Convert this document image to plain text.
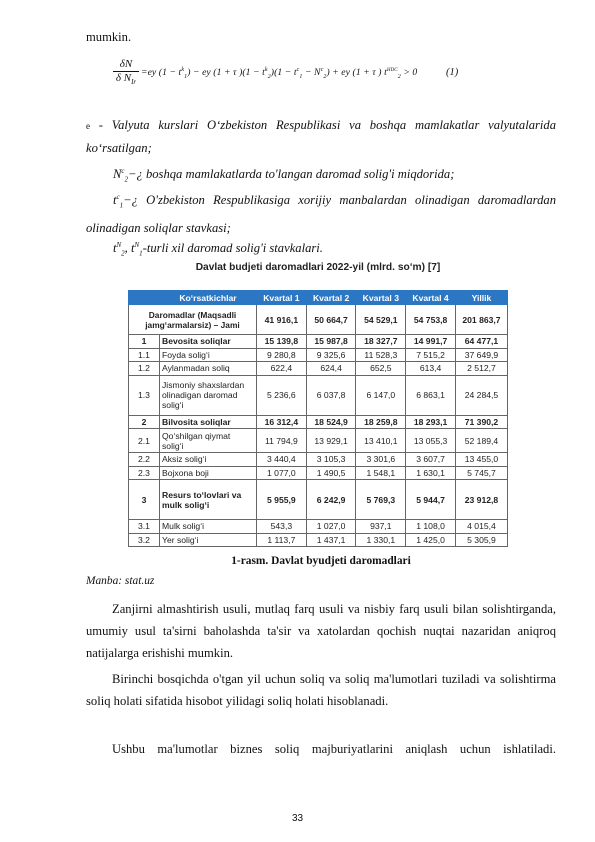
mumkin.
δN
δ $N_{Ir}$
=ey $(1 - t^k_1)$ − ey (1 + τ )$(1 - t^k_2)(1 - t^c_1 - N^c_2)$ + ey (1 + τ ) $t^{HDC}_2 > 0$	(1)
e - Valyuta kurslari O‘zbekiston Respublikasi va boshqa mamlakatlar valyutalarida ko‘rsatilgan;
$N^c_2-¿$ boshqa mamlakatlarda to'langan daromad solig'i miqdorida;
$t^c_1-¿$ O'zbekiston Respublikasiga xorijiy manbalardan olinadigan daromadlardan olinadigan soliqlar stavkasi;
$t^N_2$, $t^N_1$-turli xil daromad solig'i stavkalari.
Davlat budjeti daromadlari 2022-yil (mlrd. so‘m) [7]
	Ko‘rsatkichlar	Kvartal 1	Kvartal 2	Kvartal 3	Kvartal 4	Yillik
Daromadlar (Maqsadli jamg‘armalarsiz) – Jami		41 916,1	50 664,7	54 529,1	54 753,8	201 863,7
1	Bevosita soliqlar	15 139,8	15 987,8	18 327,7	14 991,7	64 477,1
1.1	Foyda solig‘i	9 280,8	9 325,6	11 528,3	7 515,2	37 649,9
1.2	Aylanmadan soliq	622,4	624,4	652,5	613,4	2 512,7
1.3	Jismoniy shaxslardan olinadigan daromad solig‘i	5 236,6	6 037,8	6 147,0	6 863,1	24 284,5
2	Bilvosita soliqlar	16 312,4	18 524,9	18 259,8	18 293,1	71 390,2
2.1	Qo‘shilgan qiymat solig‘i	11 794,9	13 929,1	13 410,1	13 055,3	52 189,4
2.2	Aksiz solig‘i	3 440,4	3 105,3	3 301,6	3 607,7	13 455,0
2.3	Bojxona boji	1 077,0	1 490,5	1 548,1	1 630,1	5 745,7
3	Resurs to‘lovlari va mulk solig‘i	5 955,9	6 242,9	5 769,3	5 944,7	23 912,8
3.1	Mulk solig‘i	543,3	1 027,0	937,1	1 108,0	4 015,4
3.2	Yer solig‘i	1 113,7	1 437,1	1 330,1	1 425,0	5 305,9
1-rasm. Davlat byudjeti daromadlari
Manba: stat.uz

Zanjirni almashtirish usuli, mutlaq farq usuli va nisbiy farq usuli bilan solishtirganda, umumiy usul ta'sirni baholashda ta'sir va xatolardan qochish nuqtai nazaridan aniqroq natijalarga erishishi mumkin.

Birinchi bosqichda o'tgan yil uchun soliq va soliq ma'lumotlari tuziladi va solishtirma soliq holati sifatida hisobot yilidagi soliq holati hisoblanadi.

Ushbu ma'lumotlar biznes soliq majburiyatlarini aniqlash uchun ishlatiladi.

33
